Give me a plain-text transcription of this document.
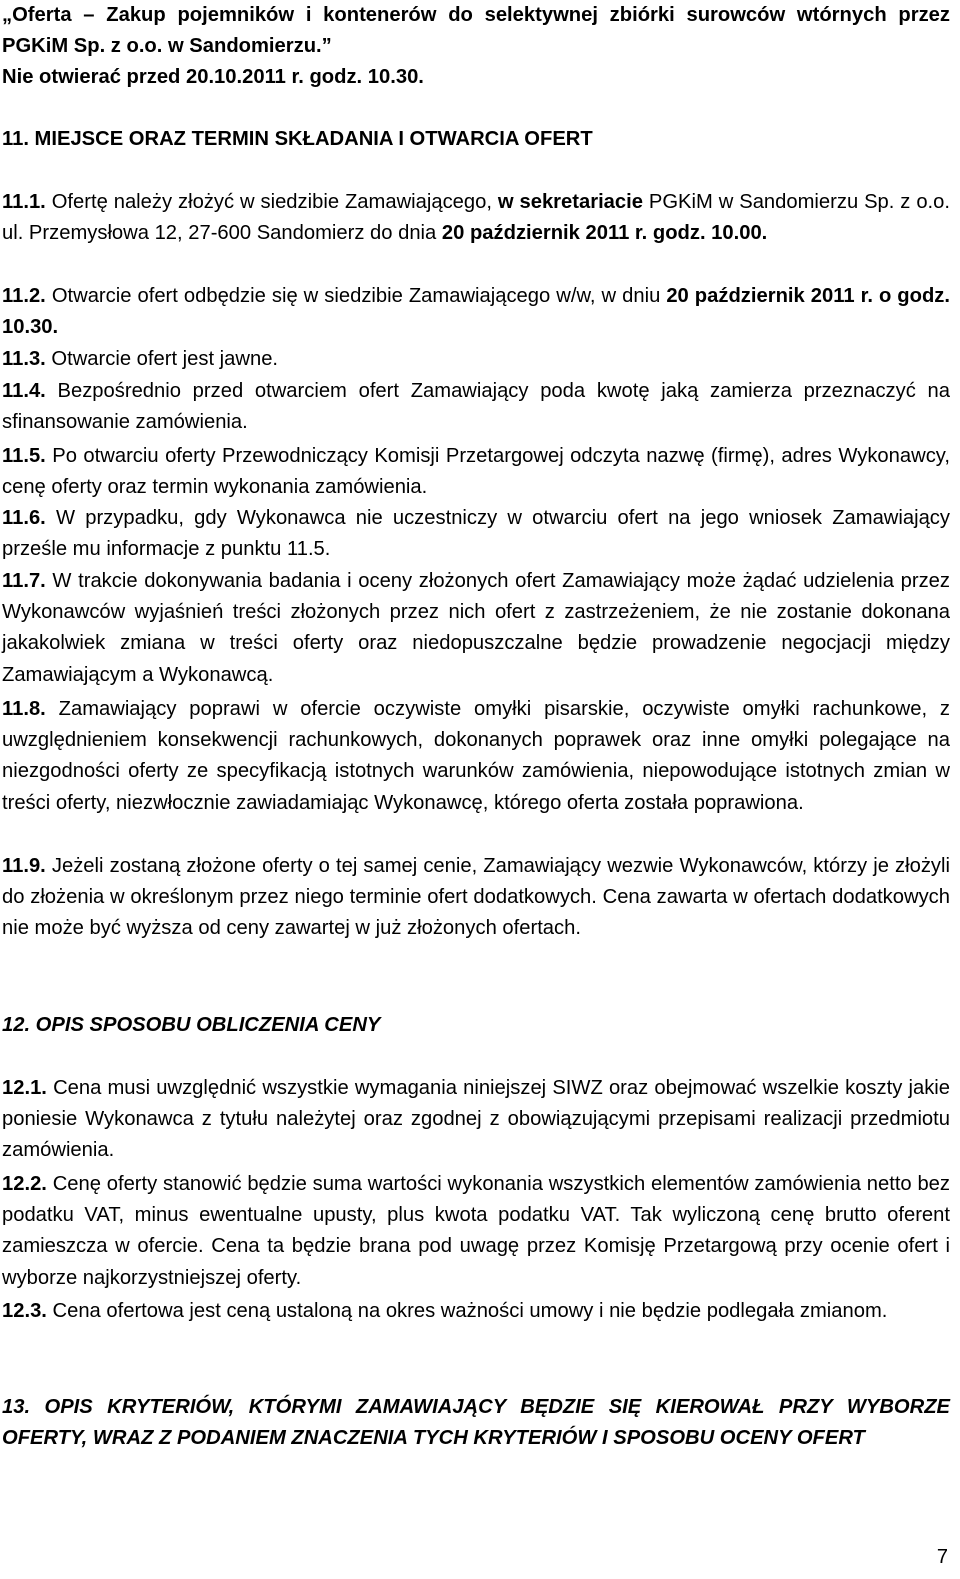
„Oferta – Zakup pojemników i kontenerów do selektywnej zbiórki surowców wtórnych przez PGKiM Sp. z o.o. w Sandomierzu.”
Nie otwierać przed 20.10.2011 r. godz. 10.30.
11. MIEJSCE ORAZ TERMIN SKŁADANIA I OTWARCIA OFERT
11.1. Ofertę należy złożyć w siedzibie Zamawiającego, w sekretariacie PGKiM w Sandomierzu Sp. z o.o. ul. Przemysłowa 12, 27-600 Sandomierz do dnia 20 październik 2011 r. godz. 10.00.
11.2. Otwarcie ofert odbędzie się w siedzibie Zamawiającego w/w, w dniu 20 październik 2011 r. o godz. 10.30.
11.3. Otwarcie ofert jest jawne.
11.4. Bezpośrednio przed otwarciem ofert Zamawiający poda kwotę jaką zamierza przeznaczyć na sfinansowanie zamówienia.
11.5. Po otwarciu oferty Przewodniczący Komisji Przetargowej odczyta nazwę (firmę), adres Wykonawcy, cenę oferty oraz termin wykonania zamówienia.
11.6. W przypadku, gdy Wykonawca nie uczestniczy w otwarciu ofert na jego wniosek Zamawiający prześle mu informacje z punktu 11.5.
11.7. W trakcie dokonywania badania i oceny złożonych ofert Zamawiający może żądać udzielenia przez Wykonawców wyjaśnień treści złożonych przez nich ofert z zastrzeżeniem, że nie zostanie dokonana jakakolwiek zmiana w treści oferty oraz niedopuszczalne będzie prowadzenie negocjacji między Zamawiającym a Wykonawcą.
11.8. Zamawiający poprawi w ofercie oczywiste omyłki pisarskie, oczywiste omyłki rachunkowe, z uwzględnieniem konsekwencji rachunkowych, dokonanych poprawek oraz inne omyłki polegające na niezgodności oferty ze specyfikacją istotnych warunków zamówienia, niepowodujące istotnych zmian w treści oferty, niezwłocznie zawiadamiając Wykonawcę, którego oferta została poprawiona.
11.9. Jeżeli zostaną złożone oferty o tej samej cenie, Zamawiający wezwie Wykonawców, którzy je złożyli do złożenia w określonym przez niego terminie ofert dodatkowych. Cena zawarta w ofertach dodatkowych nie może być wyższa od ceny zawartej w już złożonych ofertach.
12. OPIS SPOSOBU OBLICZENIA CENY
12.1. Cena musi uwzględnić wszystkie wymagania niniejszej SIWZ oraz obejmować wszelkie koszty jakie poniesie Wykonawca z tytułu należytej oraz zgodnej z obowiązującymi przepisami realizacji przedmiotu zamówienia.
12.2. Cenę oferty stanowić będzie suma wartości wykonania wszystkich elementów zamówienia netto bez podatku VAT, minus ewentualne upusty, plus kwota podatku VAT. Tak wyliczoną cenę brutto oferent zamieszcza w ofercie. Cena ta będzie brana pod uwagę przez Komisję Przetargową przy ocenie ofert i wyborze najkorzystniejszej oferty.
12.3. Cena ofertowa jest ceną ustaloną na okres ważności umowy i nie będzie podlegała zmianom.
13. OPIS KRYTERIÓW, KTÓRYMI ZAMAWIAJĄCY BĘDZIE SIĘ KIEROWAŁ PRZY WYBORZE OFERTY, WRAZ Z PODANIEM ZNACZENIA TYCH KRYTERIÓW I SPOSOBU OCENY OFERT
7
